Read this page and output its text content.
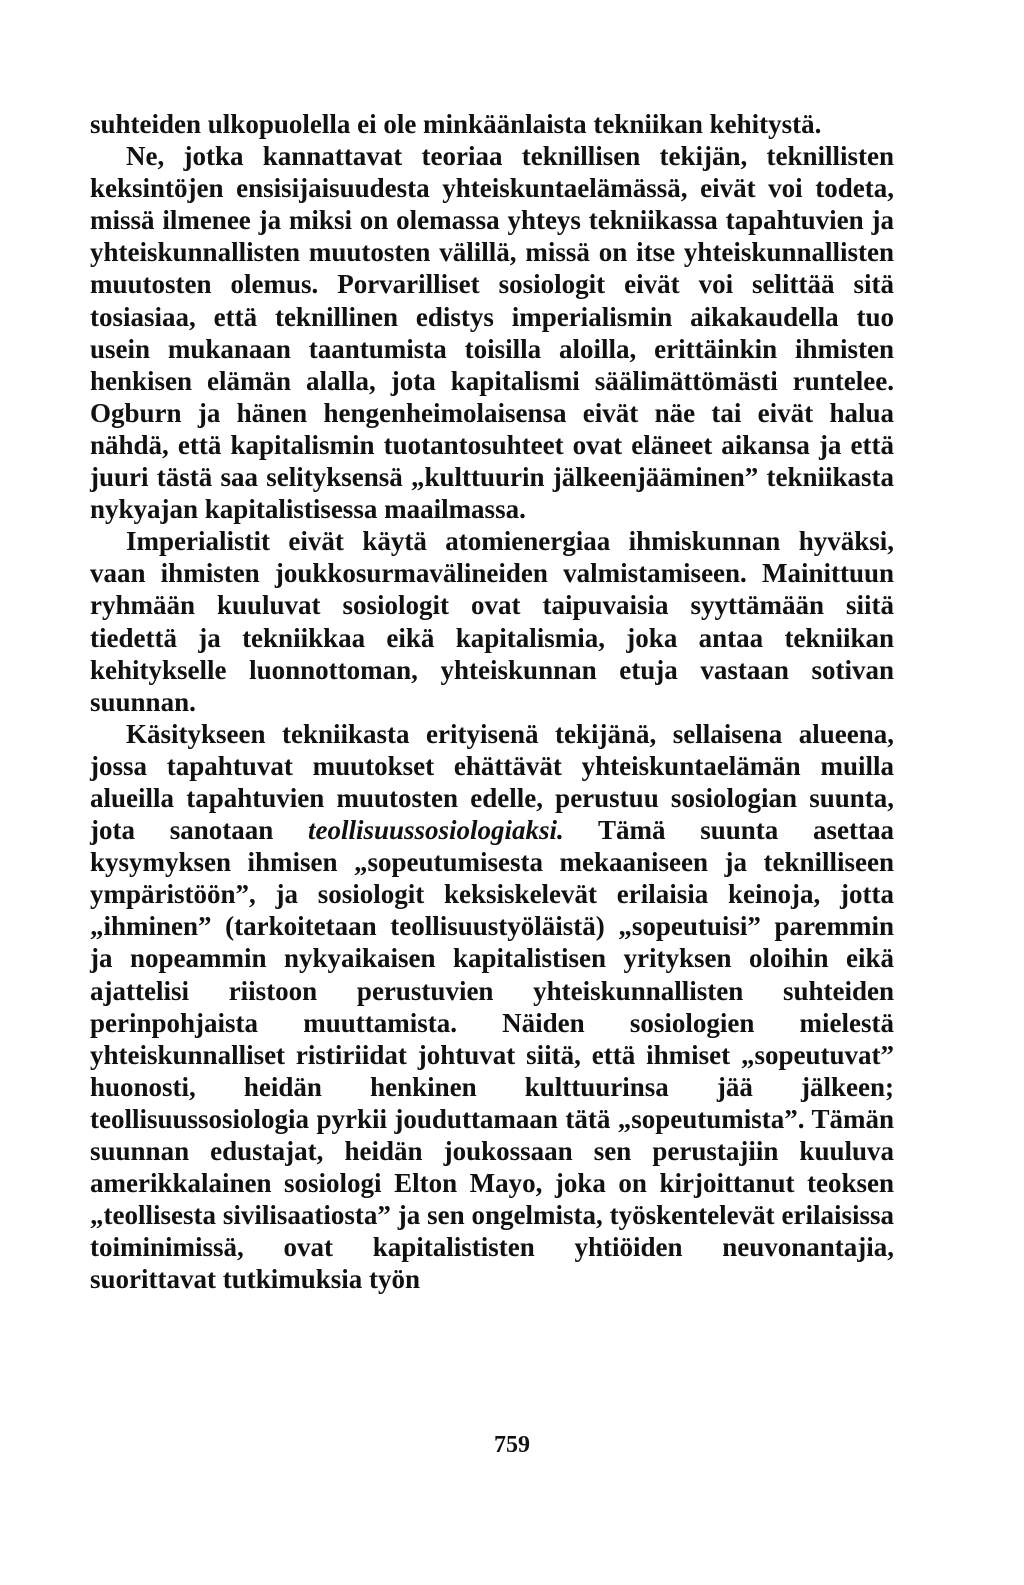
suhteiden ulkopuolella ei ole minkäänlaista tekniikan kehitystä.

Ne, jotka kannattavat teoriaa teknillisen tekijän, teknillisten keksintöjen ensisijaisuudesta yhteiskuntaelämässä, eivät voi todeta, missä ilmenee ja miksi on olemassa yhteys tekniikassa tapahtuvien ja yhteiskunnallisten muutosten välillä, missä on itse yhteiskunnallisten muutosten olemus. Porvarilliset sosiologit eivät voi selittää sitä tosiasiaa, että teknillinen edistys imperialismin aikakaudella tuo usein mukanaan taantumista toisilla aloilla, erittäinkin ihmisten henkisen elämän alalla, jota kapitalismi säälimättömästi runtelee. Ogburn ja hänen hengenheimolaisensa eivät näe tai eivät halua nähdä, että kapitalismin tuotantosuhteet ovat eläneet aikansa ja että juuri tästä saa selityksensä „kulttuurin jälkeenjääminen” tekniikasta nykyajan kapitalistisessa maailmassa.

Imperialistit eivät käytä atomienergiaa ihmiskunnan hyväksi, vaan ihmisten joukkosurmavälineiden valmistamiseen. Mainittuun ryhmään kuuluvat sosiologit ovat taipuvaisia syyttämään siitä tiedettä ja tekniikkaa eikä kapitalismia, joka antaa tekniikan kehitykselle luonnottoman, yhteiskunnan etuja vastaan sotivan suunnan.

Käsitykseen tekniikasta erityisenä tekijänä, sellaisena alueena, jossa tapahtuvat muutokset ehättävät yhteiskuntaelämän muilla alueilla tapahtuvien muutosten edelle, perustuu sosiologian suunta, jota sanotaan teollisuussosiologiaksi. Tämä suunta asettaa kysymyksen ihmisen „sopeutumisesta mekaaniseen ja teknilliseen ympäristöön”, ja sosiologit keksiskelevät erilaisia keinoja, jotta „ihminen” (tarkoitetaan teollisuustyöläistä) „sopeutuisi” paremmin ja nopeammin nykyaikaisen kapitalistisen yrityksen oloihin eikä ajattelisi riistoon perustuvien yhteiskunnallisten suhteiden perinpohjaista muuttamista. Näiden sosiologien mielestä yhteiskunnalliset ristiriidat johtuvat siitä, että ihmiset „sopeutuvat” huonosti, heidän henkinen kulttuurinsa jää jälkeen; teollisuussosiologia pyrkii jouduttamaan tätä „sopeutumista”. Tämän suunnan edustajat, heidän joukossaan sen perustajiin kuuluva amerikkalainen sosiologi Elton Mayo, joka on kirjoittanut teoksen „teollisesta sivilisaatiosta” ja sen ongelmista, työskentelevät erilaisissa toiminimissä, ovat kapitalististen yhtiöiden neuvonantajia, suorittavat tutkimuksia työn

759
